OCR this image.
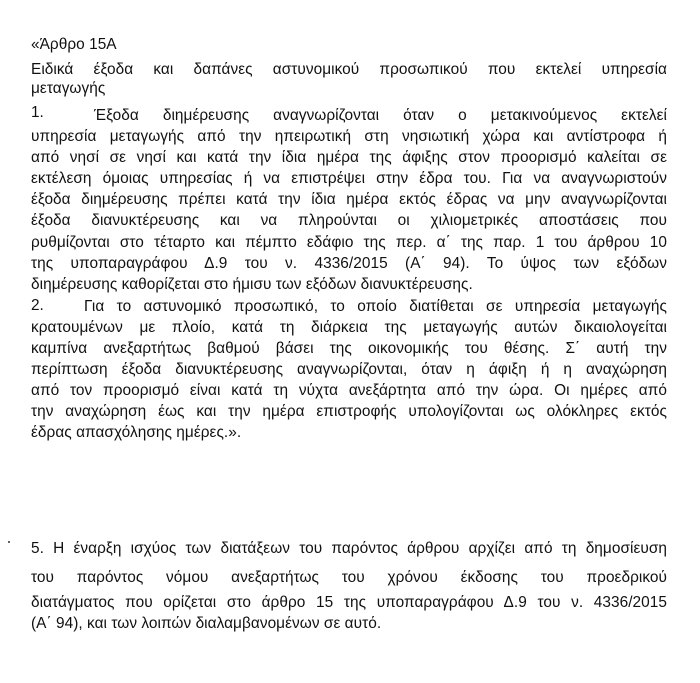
«Άρθρο 15Α
Ειδικά έξοδα και δαπάνες αστυνομικού προσωπικού που εκτελεί υπηρεσία
μεταγωγής
1.	Έξοδα διημέρευσης αναγνωρίζονται όταν ο μετακινούμενος εκτελεί
υπηρεσία μεταγωγής από την ηπειρωτική στη νησιωτική χώρα και αντίστροφα ή
από νησί σε νησί και κατά την ίδια ημέρα της άφιξης στον προορισμό καλείται σε
εκτέλεση όμοιας υπηρεσίας ή να επιστρέψει στην έδρα του. Για να αναγνωριστούν
έξοδα διημέρευσης πρέπει κατά την ίδια ημέρα εκτός έδρας να μην αναγνωρίζονται
έξοδα διανυκτέρευσης και να πληρούνται οι χιλιομετρικές αποστάσεις που
ρυθμίζονται στο τέταρτο και πέμπτο εδάφιο της περ. α΄ της παρ. 1 του άρθρου 10
της υποπαραγράφου Δ.9 του ν. 4336/2015 (Α΄ 94). Το ύψος των εξόδων
διημέρευσης καθορίζεται στο ήμισυ των εξόδων διανυκτέρευσης.
2.	Για το αστυνομικό προσωπικό, το οποίο διατίθεται σε υπηρεσία μεταγωγής
κρατουμένων με πλοίο, κατά τη διάρκεια της μεταγωγής αυτών δικαιολογείται
καμπίνα ανεξαρτήτως βαθμού βάσει της οικονομικής του θέσης. Σ΄ αυτή την
περίπτωση έξοδα διανυκτέρευσης αναγνωρίζονται, όταν η άφιξη ή η αναχώρηση
από τον προορισμό είναι κατά τη νύχτα ανεξάρτητα από την ώρα. Οι ημέρες από
την αναχώρηση έως και την ημέρα επιστροφής υπολογίζονται ως ολόκληρες εκτός
έδρας απασχόλησης ημέρες.».
5. Η έναρξη ισχύος των διατάξεων του παρόντος άρθρου αρχίζει από τη δημοσίευση
του παρόντος νόμου ανεξαρτήτως του χρόνου έκδοσης του προεδρικού
διατάγματος που ορίζεται στο άρθρο 15 της υποπαραγράφου Δ.9 του ν. 4336/2015
(Α΄ 94), και των λοιπών διαλαμβανομένων σε αυτό.
